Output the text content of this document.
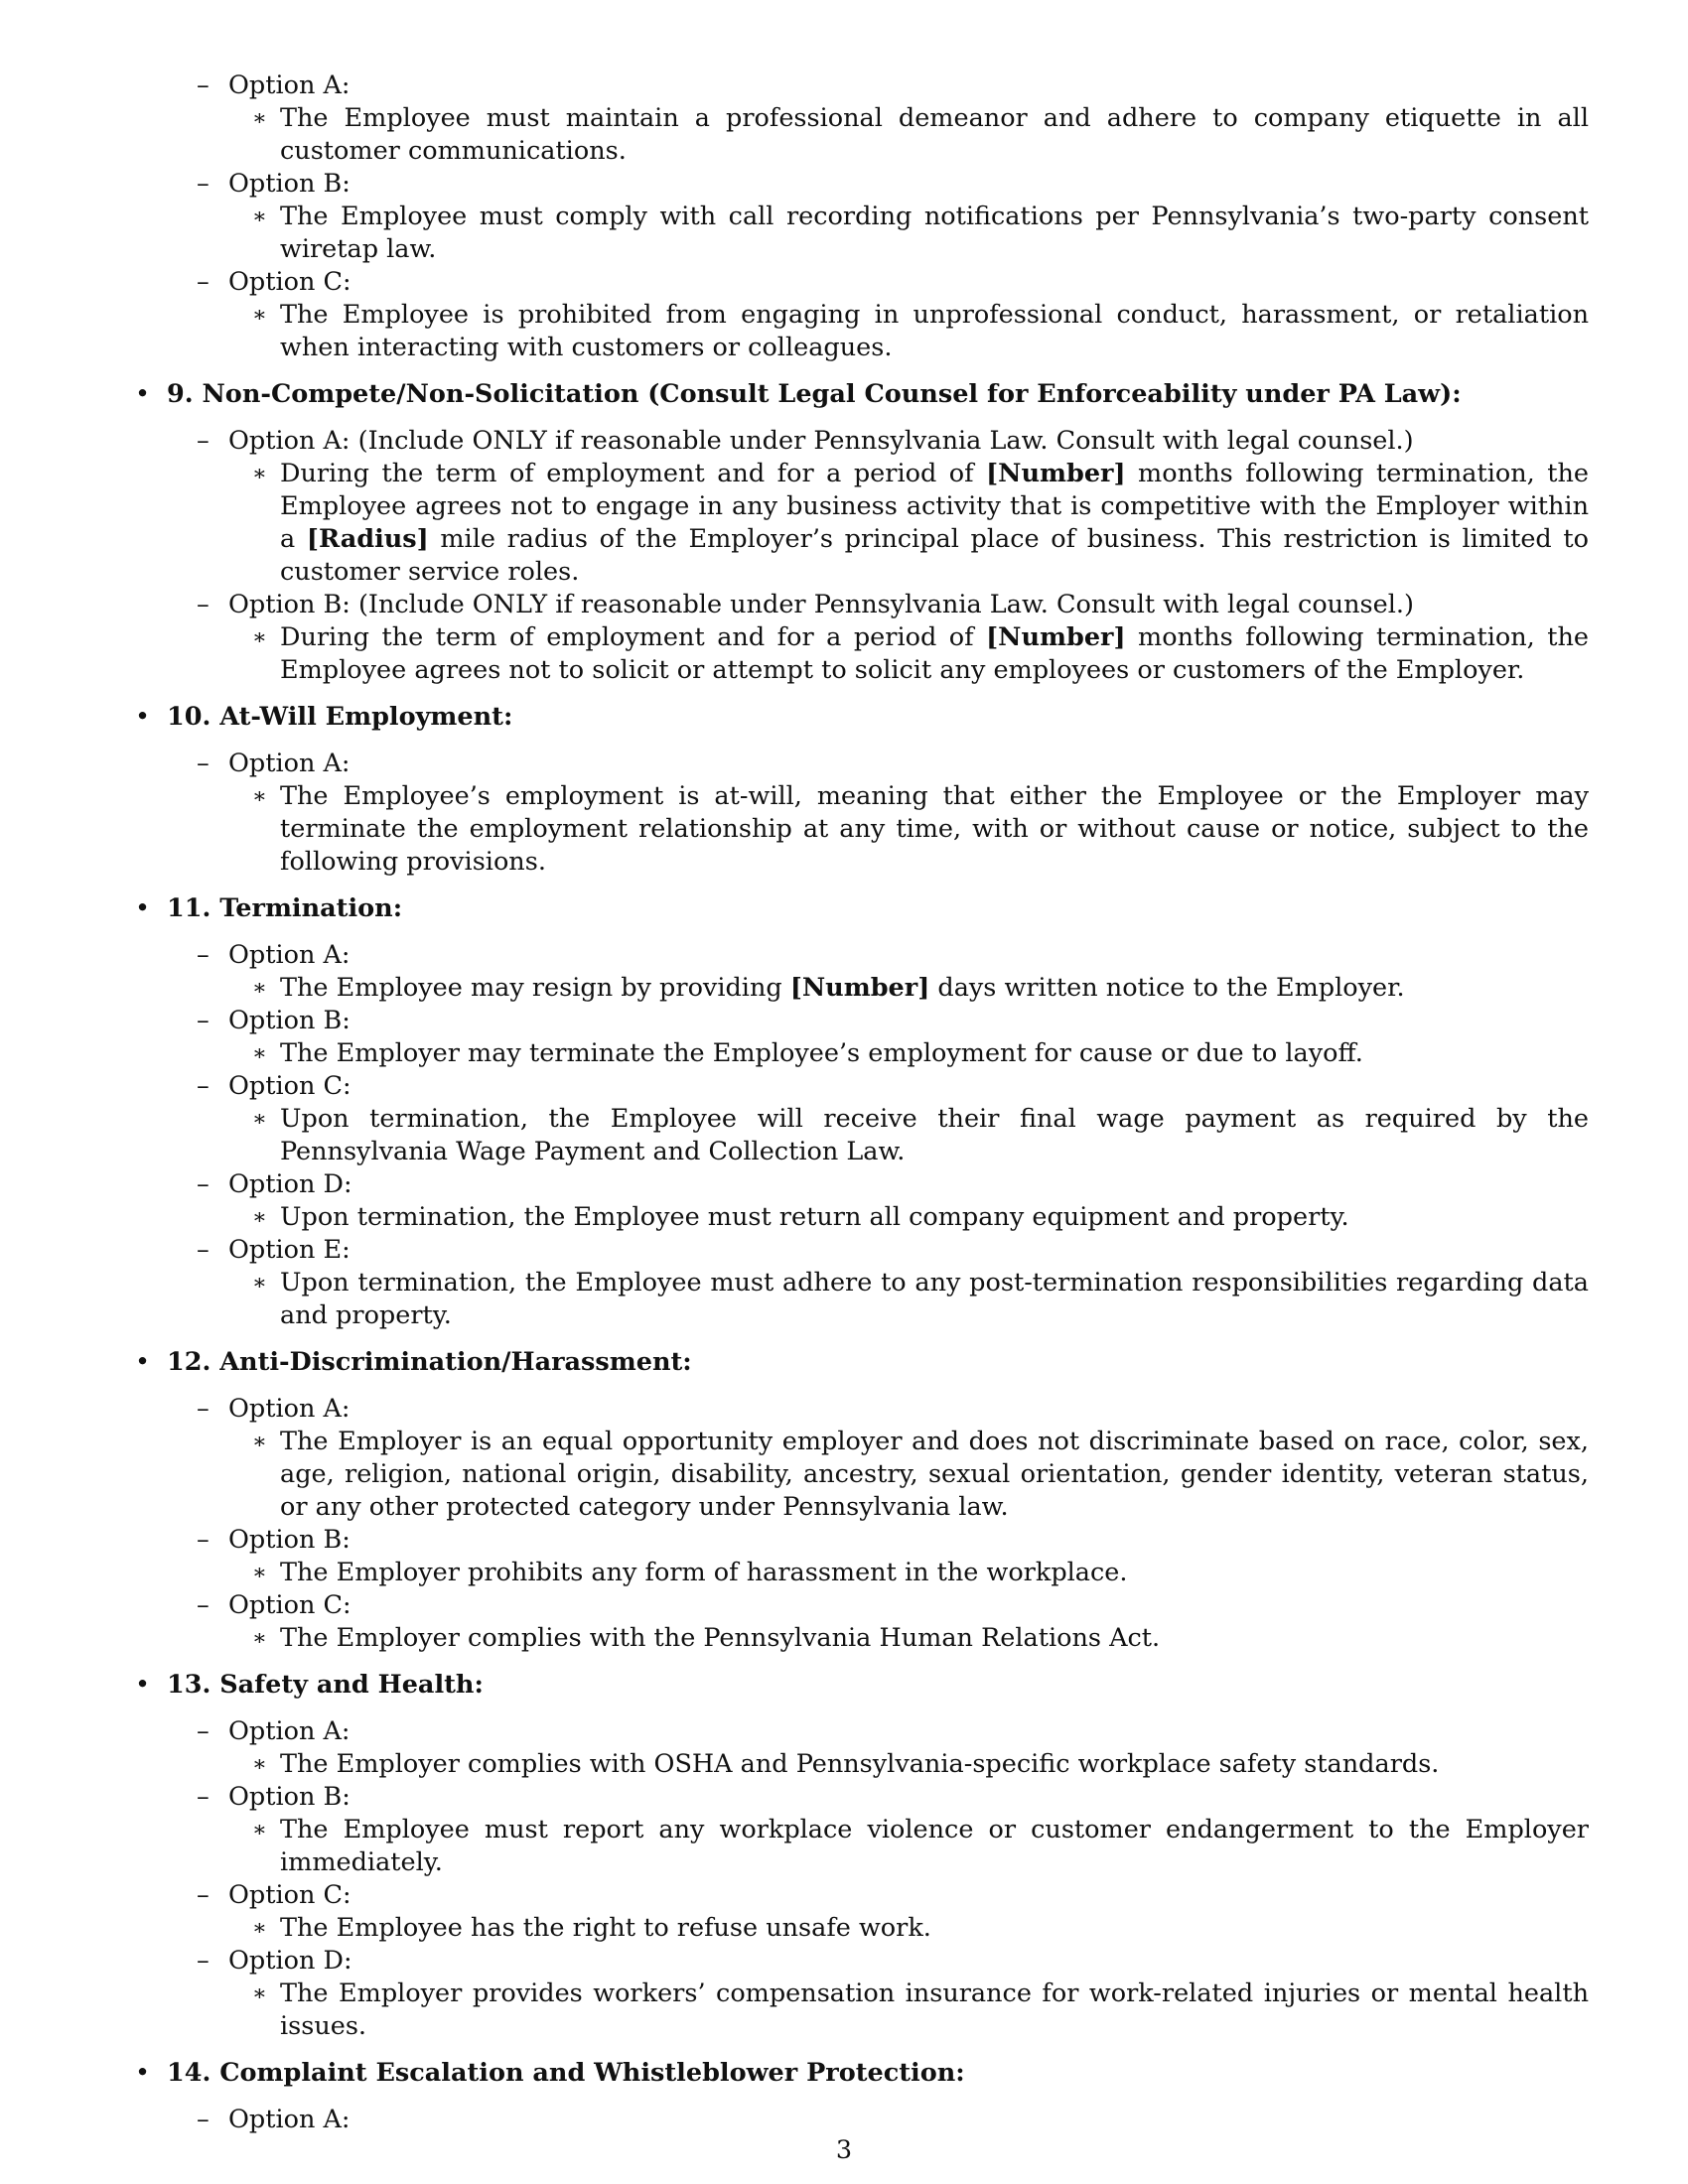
– Option A:
∗ The Employee must maintain a professional demeanor and adhere to company etiquette in all customer communications.
– Option B:
∗ The Employee must comply with call recording notifications per Pennsylvania’s two-party consent wiretap law.
– Option C:
∗ The Employee is prohibited from engaging in unprofessional conduct, harassment, or retaliation when interacting with customers or colleagues.
• 9. Non-Compete/Non-Solicitation (Consult Legal Counsel for Enforceability under PA Law):
– Option A: (Include ONLY if reasonable under Pennsylvania Law. Consult with legal counsel.)
∗ During the term of employment and for a period of [Number] months following termination, the Employee agrees not to engage in any business activity that is competitive with the Employer within a [Radius] mile radius of the Employer’s principal place of business. This restriction is limited to customer service roles.
– Option B: (Include ONLY if reasonable under Pennsylvania Law. Consult with legal counsel.)
∗ During the term of employment and for a period of [Number] months following termination, the Employee agrees not to solicit or attempt to solicit any employees or customers of the Employer.
• 10. At-Will Employment:
– Option A:
∗ The Employee’s employment is at-will, meaning that either the Employee or the Employer may terminate the employment relationship at any time, with or without cause or notice, subject to the following provisions.
• 11. Termination:
– Option A:
∗ The Employee may resign by providing [Number] days written notice to the Employer.
– Option B:
∗ The Employer may terminate the Employee’s employment for cause or due to layoff.
– Option C:
∗ Upon termination, the Employee will receive their final wage payment as required by the Pennsylvania Wage Payment and Collection Law.
– Option D:
∗ Upon termination, the Employee must return all company equipment and property.
– Option E:
∗ Upon termination, the Employee must adhere to any post-termination responsibilities regarding data and property.
• 12. Anti-Discrimination/Harassment:
– Option A:
∗ The Employer is an equal opportunity employer and does not discriminate based on race, color, sex, age, religion, national origin, disability, ancestry, sexual orientation, gender identity, veteran status, or any other protected category under Pennsylvania law.
– Option B:
∗ The Employer prohibits any form of harassment in the workplace.
– Option C:
∗ The Employer complies with the Pennsylvania Human Relations Act.
• 13. Safety and Health:
– Option A:
∗ The Employer complies with OSHA and Pennsylvania-specific workplace safety standards.
– Option B:
∗ The Employee must report any workplace violence or customer endangerment to the Employer immediately.
– Option C:
∗ The Employee has the right to refuse unsafe work.
– Option D:
∗ The Employer provides workers’ compensation insurance for work-related injuries or mental health issues.
• 14. Complaint Escalation and Whistleblower Protection:
– Option A:
3
